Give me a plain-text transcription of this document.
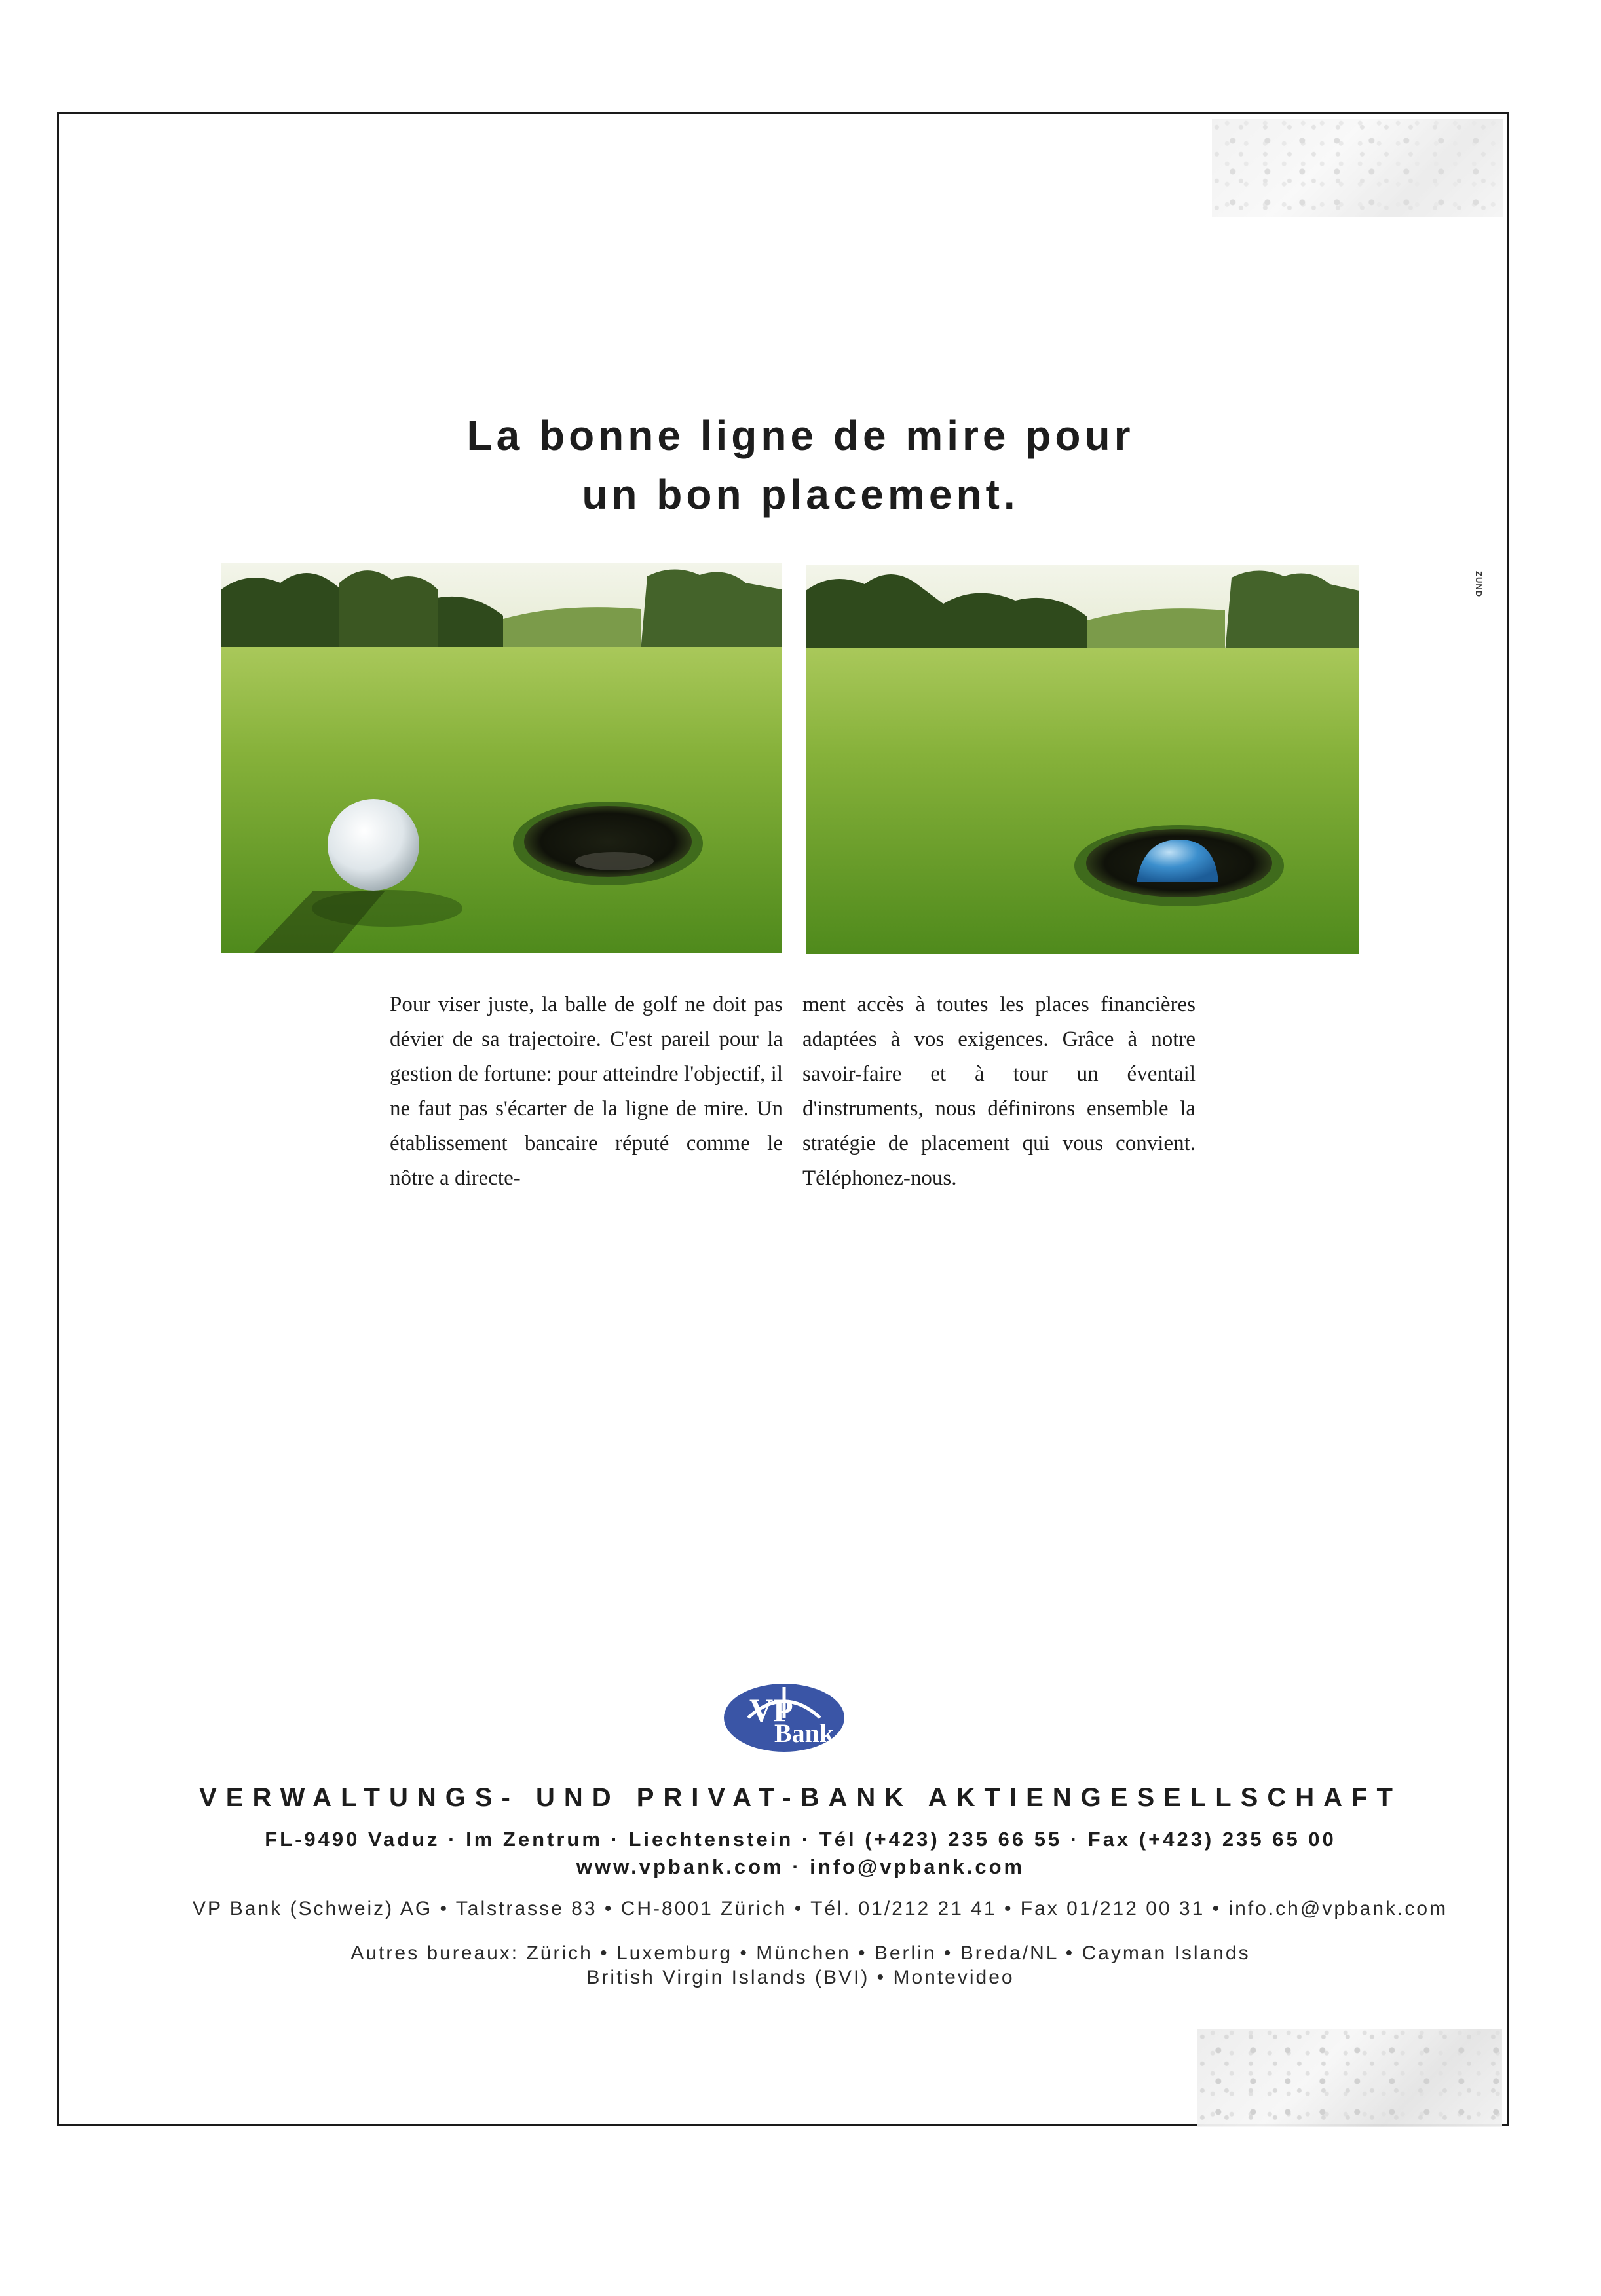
ZUND
La bonne ligne de mire pour
un bon placement.
Pour viser juste, la balle de golf ne doit pas dévier de sa trajectoire. C'est pareil pour la gestion de fortune: pour atteindre l'objectif, il ne faut pas s'écarter de la ligne de mire. Un établissement bancaire réputé comme le nôtre a directe-
ment accès à toutes les places financières adaptées à vos exigences. Grâce à notre savoir-faire et à tour un éventail d'instruments, nous définirons ensemble la stratégie de placement qui vous convient. Téléphonez-nous.
VP
Bank
VERWALTUNGS- UND PRIVAT-BANK AKTIENGESELLSCHAFT
FL-9490 Vaduz · Im Zentrum · Liechtenstein · Tél (+423) 235 66 55 · Fax (+423) 235 65 00
www.vpbank.com · info@vpbank.com
VP Bank (Schweiz) AG • Talstrasse 83 • CH-8001 Zürich • Tél. 01/212 21 41 • Fax 01/212 00 31 • info.ch@vpbank.com
Autres bureaux: Zürich • Luxemburg • München • Berlin • Breda/NL • Cayman Islands
British Virgin Islands (BVI) • Montevideo
